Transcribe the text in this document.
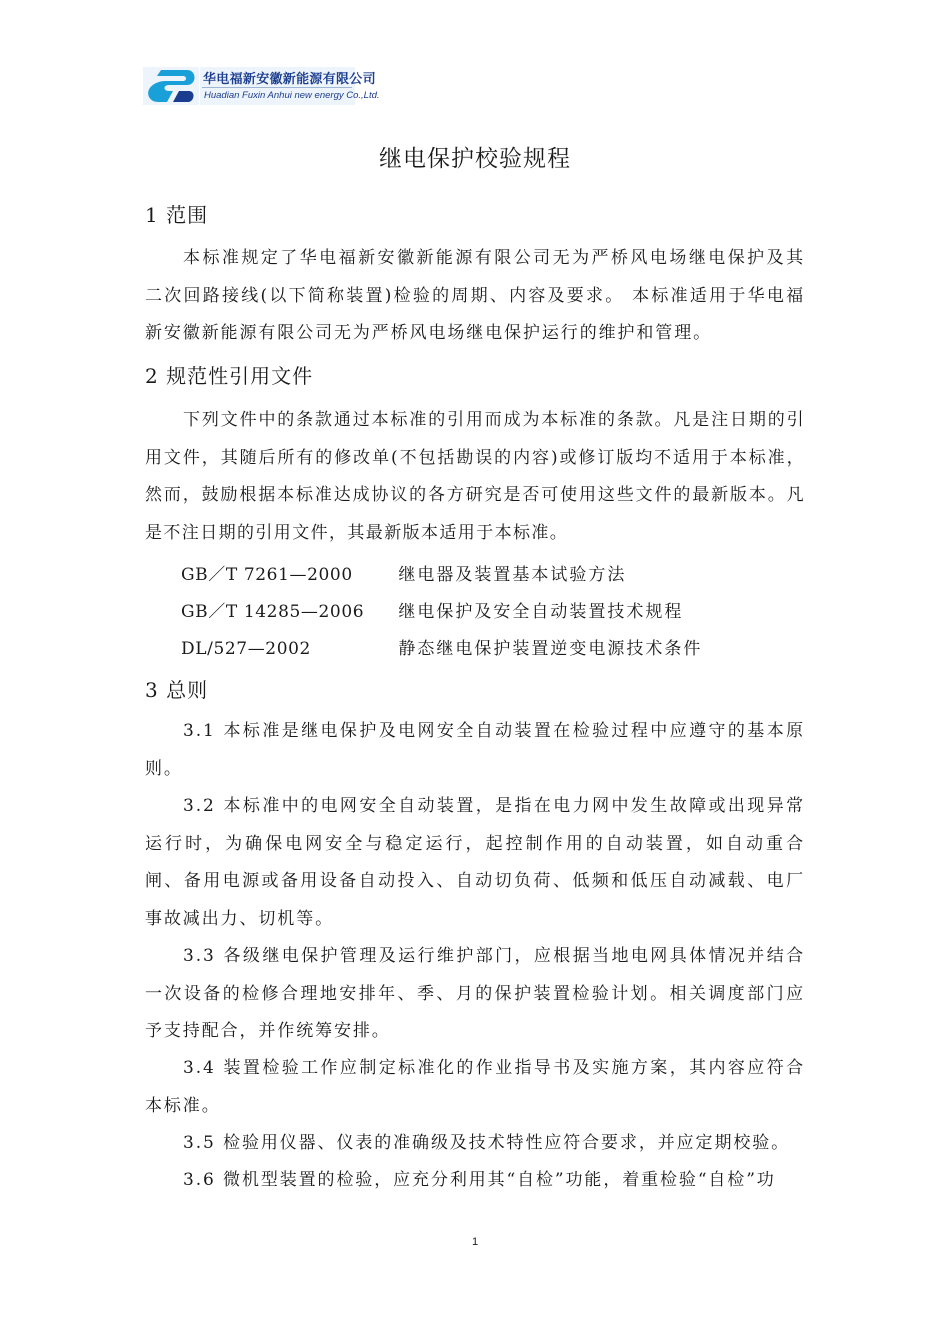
华电福新安徽新能源有限公司
Huadian Fuxin Anhui new energy Co.,Ltd.
继电保护校验规程
1 范围

本标准规定了华电福新安徽新能源有限公司无为严桥风电场继电保护及其二次回路接线(以下简称装置)检验的周期、内容及要求。 本标准适用于华电福新安徽新能源有限公司无为严桥风电场继电保护运行的维护和管理。

2 规范性引用文件

下列文件中的条款通过本标准的引用而成为本标准的条款。凡是注日期的引用文件，其随后所有的修改单(不包括勘误的内容)或修订版均不适用于本标准，然而，鼓励根据本标准达成协议的各方研究是否可使用这些文件的最新版本。凡是不注日期的引用文件，其最新版本适用于本标准。

GB／T 7261—2000	继电器及装置基本试验方法
GB／T 14285—2006 继电保护及安全自动装置技术规程
DL/527—2002	静态继电保护装置逆变电源技术条件
3 总则

3.1 本标准是继电保护及电网安全自动装置在检验过程中应遵守的基本原则。

3.2 本标准中的电网安全自动装置，是指在电力网中发生故障或出现异常运行时，为确保电网安全与稳定运行，起控制作用的自动装置，如自动重合闸、备用电源或备用设备自动投入、自动切负荷、低频和低压自动减载、电厂事故减出力、切机等。

3.3 各级继电保护管理及运行维护部门，应根据当地电网具体情况并结合一次设备的检修合理地安排年、季、月的保护装置检验计划。相关调度部门应予支持配合，并作统筹安排。

3.4 装置检验工作应制定标准化的作业指导书及实施方案，其内容应符合本标准。

3.5 检验用仪器、仪表的准确级及技术特性应符合要求，并应定期校验。

3.6 微机型装置的检验，应充分利用其“自检”功能，着重检验“自检”功

1
